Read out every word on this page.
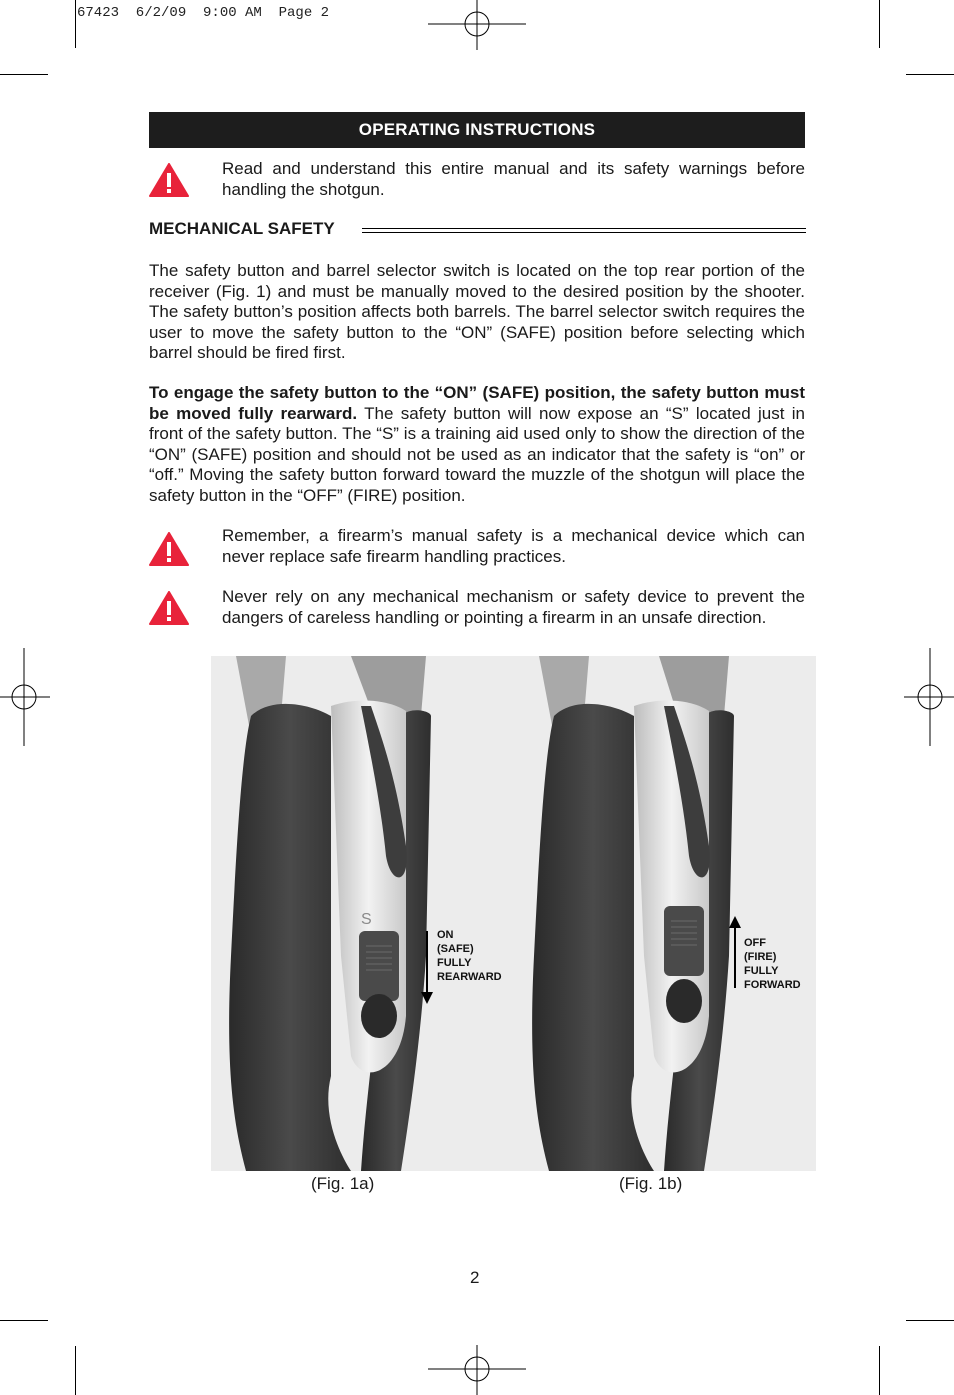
67423  6/2/09  9:00 AM  Page 2
OPERATING INSTRUCTIONS
Read and understand this entire manual and its safety warnings before handling the shotgun.
MECHANICAL SAFETY
The safety button and barrel selector switch is located on the top rear portion of the receiver (Fig. 1) and must be manually moved to the desired position by the shooter. The safety button’s position affects both barrels. The barrel selector switch requires the user to move the safety button to the “ON” (SAFE) position before selecting which barrel should be fired first.
To engage the safety button to the “ON” (SAFE) position, the safety button must be moved fully rearward. The safety button will now expose an “S” located just in front of the safety button. The “S” is a training aid used only to show the direction of the “ON” (SAFE) position and should not be used as an indicator that the safety is “on” or “off.” Moving the safety button forward toward the muzzle of the shotgun will place the safety button in the “OFF” (FIRE) position.
Remember, a firearm’s manual safety is a mechanical device which can never replace safe firearm handling practices.
Never rely on any mechanical mechanism or safety device to prevent the dangers of careless handling or pointing a firearm in an unsafe direction.
S
ON
(SAFE)
FULLY
REARWARD
OFF
(FIRE)
FULLY
FORWARD
(Fig. 1a)	(Fig. 1b)
2
